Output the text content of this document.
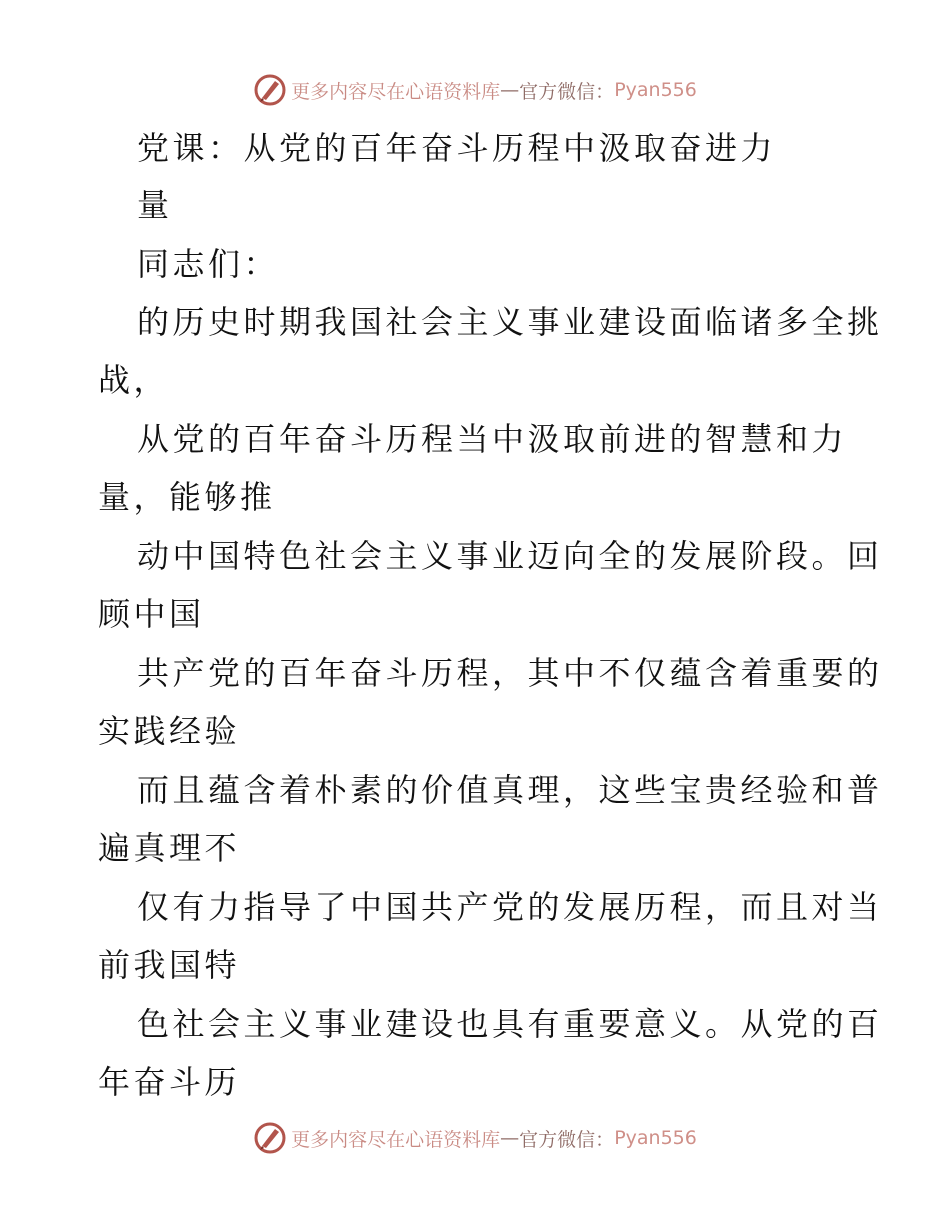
更多内容尽在心语资料库 — 官方微信： Pyan556
党课：从党的百年奋斗历程中汲取奋进力
量
同志们：
的历史时期我国社会主义事业建设面临诸多全挑
战，
从党的百年奋斗历程当中汲取前进的智慧和力
量，能够推
动中国特色社会主义事业迈向全的发展阶段。回
顾中国
共产党的百年奋斗历程，其中不仅蕴含着重要的
实践经验
而且蕴含着朴素的价值真理，这些宝贵经验和普
遍真理不
仅有力指导了中国共产党的发展历程，而且对当
前我国特
色社会主义事业建设也具有重要意义。从党的百
年奋斗历
更多内容尽在心语资料库 — 官方微信： Pyan556
